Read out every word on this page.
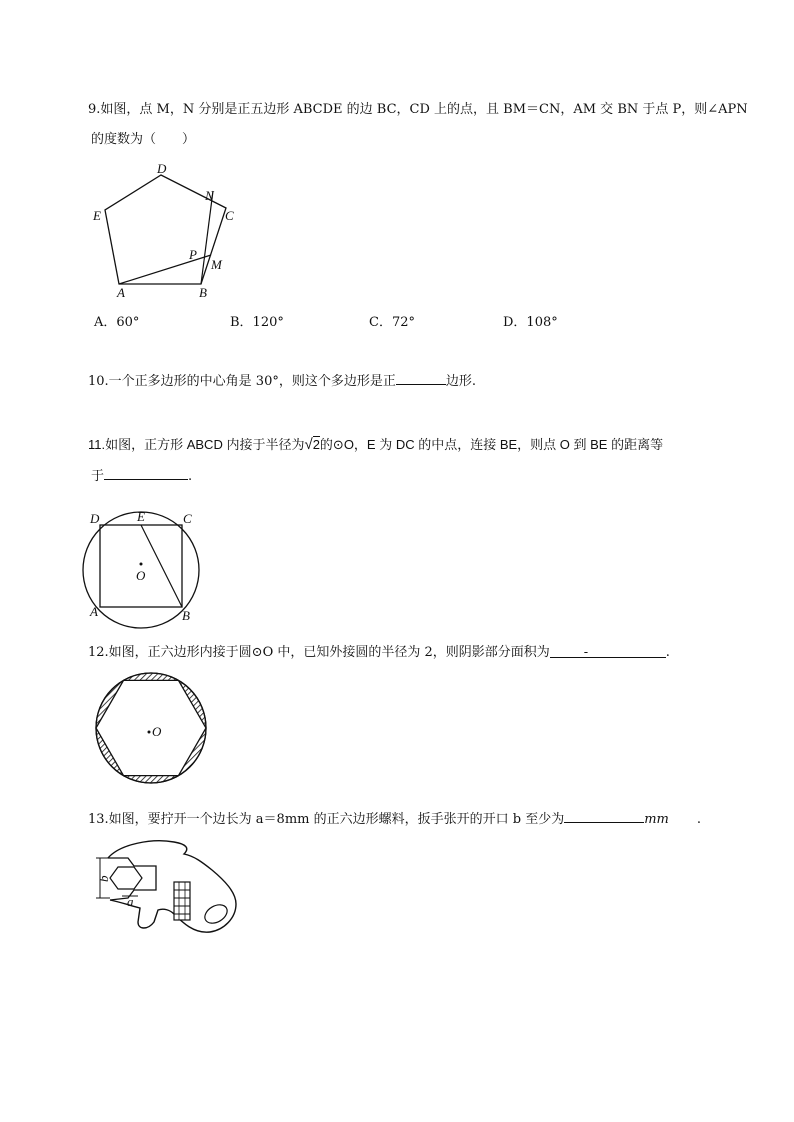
9.如图，点 M，N 分别是正五边形 ABCDE 的边 BC，CD 上的点，且 BM＝CN，AM 交 BN 于点 P，则∠APN
的度数为（　　）
A	B
C
D
E
M
N
P
A．60°	B．120°	C．72°	D．108°
10.一个正多边形的中心角是 30°，则这个多边形是正	边形.
11.如图，正方形 ABCD 内接于半径为√2的⊙O，E 为 DC 的中点，连接 BE，则点 O 到 BE 的距离等
于	.
D	E	C
A	B
O
12.如图，正六边形内接于圆⊙O 中，已知外接圆的半径为 2，则阴影部分面积为	-	.
O
13.如图，要拧开一个边长为 a＝8mm 的正六边形螺料，扳手张开的开口 b 至少为	mm .
b
a
